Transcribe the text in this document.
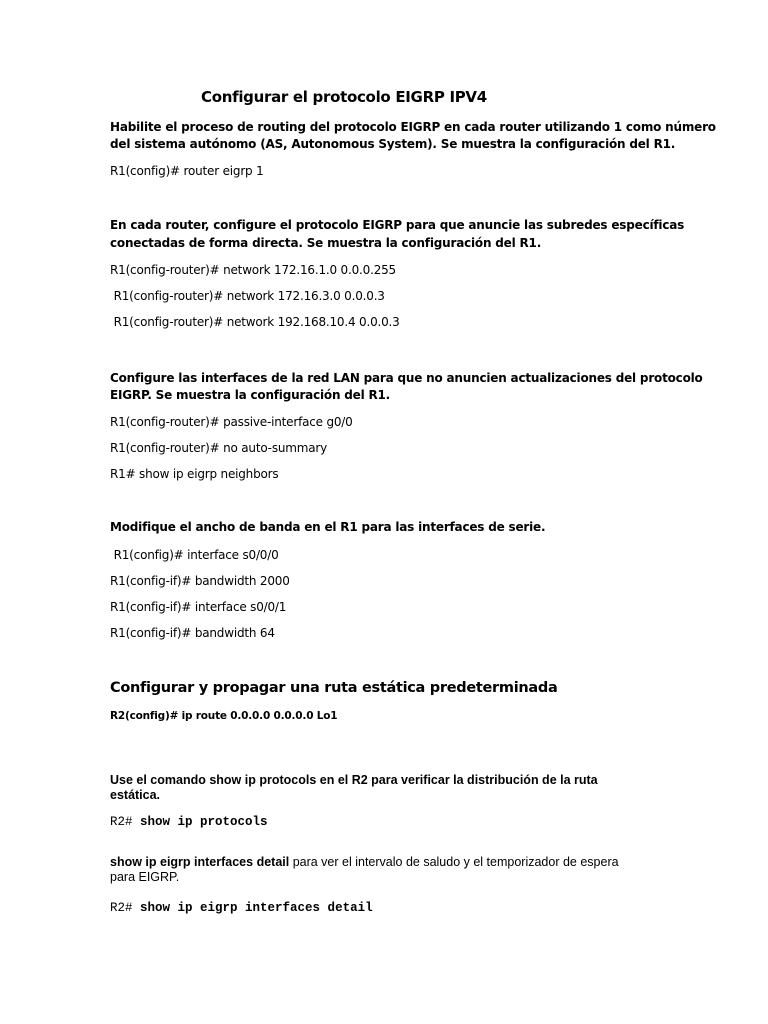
Configurar el protocolo EIGRP IPV4
Habilite el proceso de routing del protocolo EIGRP en cada router utilizando 1 como número
del sistema autónomo (AS, Autonomous System). Se muestra la configuración del R1.
R1(config)# router eigrp 1
En cada router, configure el protocolo EIGRP para que anuncie las subredes específicas
conectadas de forma directa. Se muestra la configuración del R1.
R1(config-router)# network 172.16.1.0 0.0.0.255
R1(config-router)# network 172.16.3.0 0.0.0.3
R1(config-router)# network 192.168.10.4 0.0.0.3
Configure las interfaces de la red LAN para que no anuncien actualizaciones del protocolo
EIGRP. Se muestra la configuración del R1.
R1(config-router)# passive-interface g0/0
R1(config-router)# no auto-summary
R1# show ip eigrp neighbors
Modifique el ancho de banda en el R1 para las interfaces de serie.
R1(config)# interface s0/0/0
R1(config-if)# bandwidth 2000
R1(config-if)# interface s0/0/1
R1(config-if)# bandwidth 64
Configurar y propagar una ruta estática predeterminada
R2(config)# ip route 0.0.0.0 0.0.0.0 Lo1
Use el comando show ip protocols en el R2 para verificar la distribución de la ruta
estática.
R2# show ip protocols
show ip eigrp interfaces detail para ver el intervalo de saludo y el temporizador de espera
para EIGRP.
R2# show ip eigrp interfaces detail
